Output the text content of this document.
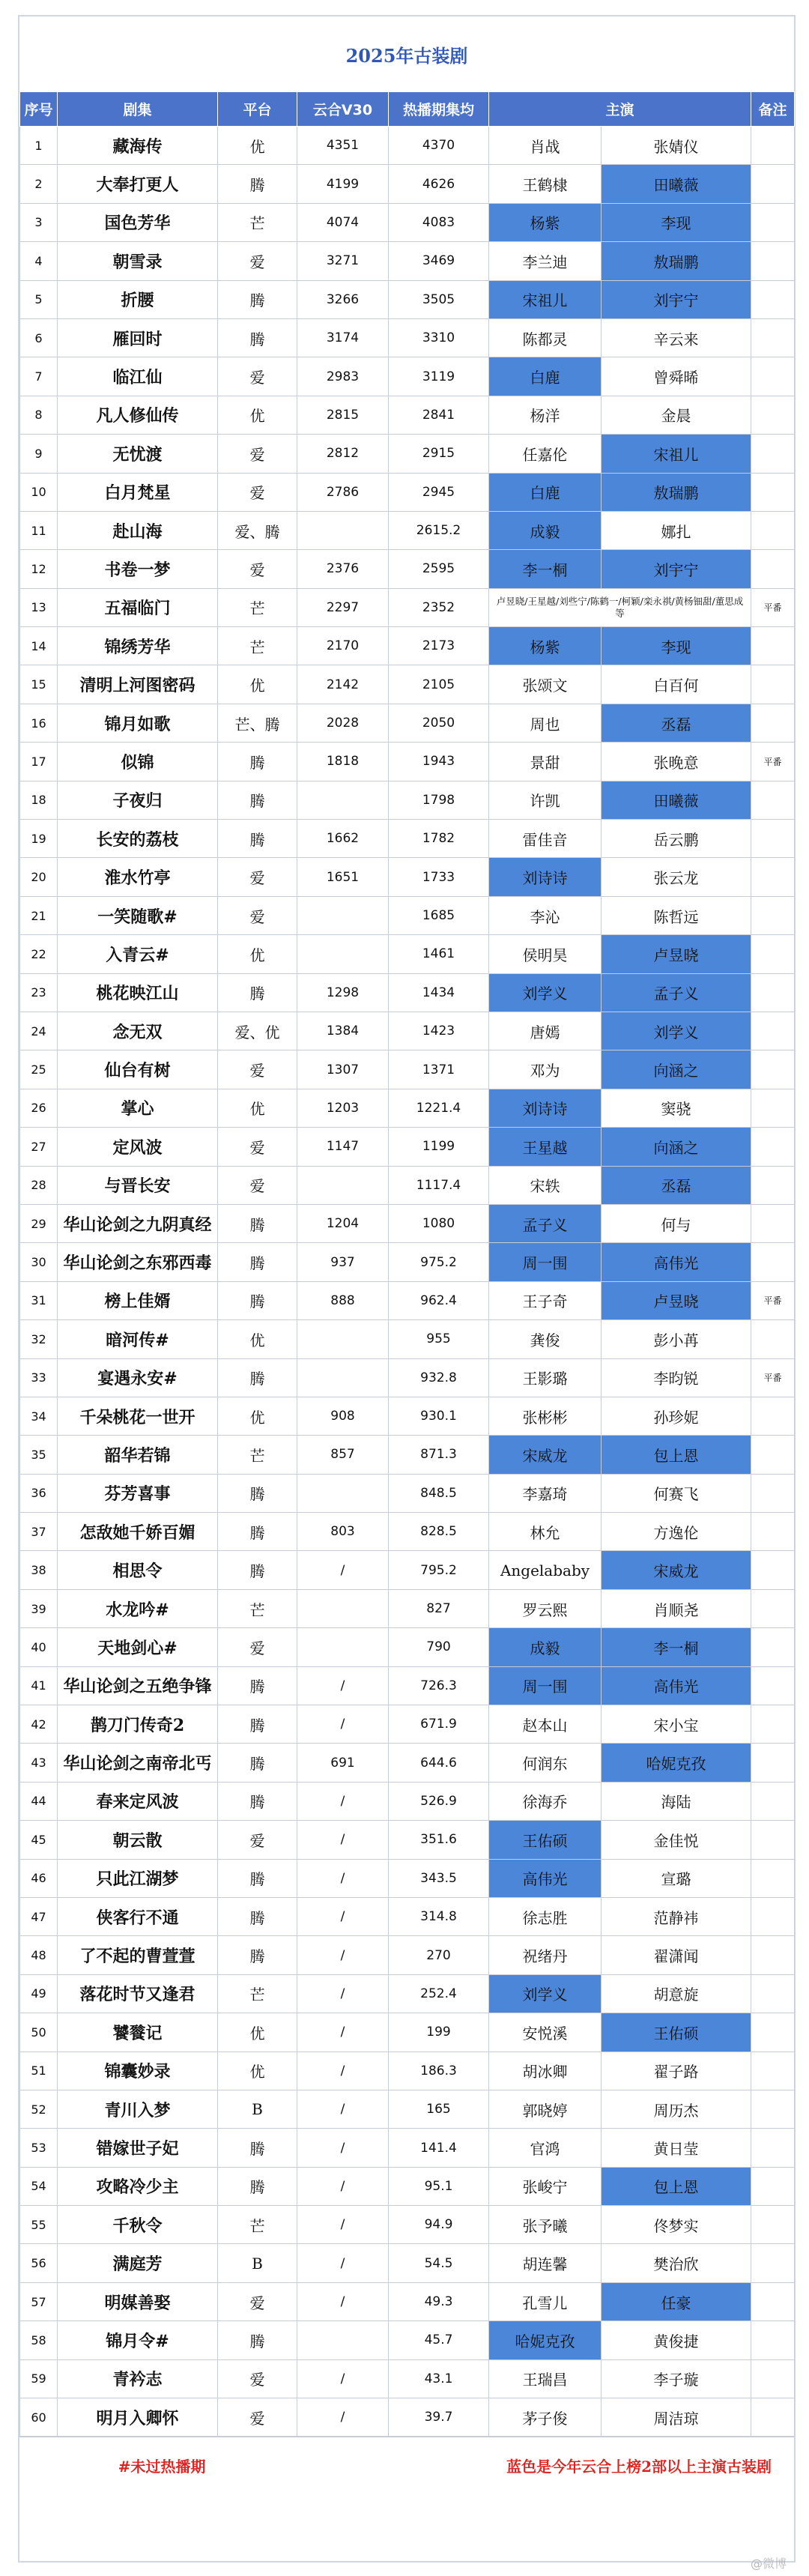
2025年古装剧
序号	剧集	平台	云合V30	热播期集均	主演		备注
1	藏海传	优	4351	4370	肖战	张婧仪	
2	大奉打更人	腾	4199	4626	王鹤棣	田曦薇	
3	国色芳华	芒	4074	4083	杨紫	李现	
4	朝雪录	爱	3271	3469	李兰迪	敖瑞鹏	
5	折腰	腾	3266	3505	宋祖儿	刘宇宁	
6	雁回时	腾	3174	3310	陈都灵	辛云来	
7	临江仙	爱	2983	3119	白鹿	曾舜晞	
8	凡人修仙传	优	2815	2841	杨洋	金晨	
9	无忧渡	爱	2812	2915	任嘉伦	宋祖儿	
10	白月梵星	爱	2786	2945	白鹿	敖瑞鹏	
11	赴山海	爱、腾		2615.2	成毅	娜扎	
12	书卷一梦	爱	2376	2595	李一桐	刘宇宁	
13	五福临门	芒	2297	2352	卢昱晓/王星越/刘些宁/陈鹤一/柯颖/栾永祺/黄杨钿甜/董思成等		平番
14	锦绣芳华	芒	2170	2173	杨紫	李现	
15	清明上河图密码	优	2142	2105	张颂文	白百何	
16	锦月如歌	芒、腾	2028	2050	周也	丞磊	
17	似锦	腾	1818	1943	景甜	张晚意	平番
18	子夜归	腾		1798	许凯	田曦薇	
19	长安的荔枝	腾	1662	1782	雷佳音	岳云鹏	
20	淮水竹亭	爱	1651	1733	刘诗诗	张云龙	
21	一笑随歌#	爱		1685	李沁	陈哲远	
22	入青云#	优		1461	侯明昊	卢昱晓	
23	桃花映江山	腾	1298	1434	刘学义	孟子义	
24	念无双	爱、优	1384	1423	唐嫣	刘学义	
25	仙台有树	爱	1307	1371	邓为	向涵之	
26	掌心	优	1203	1221.4	刘诗诗	窦骁	
27	定风波	爱	1147	1199	王星越	向涵之	
28	与晋长安	爱		1117.4	宋轶	丞磊	
29	华山论剑之九阴真经	腾	1204	1080	孟子义	何与	
30	华山论剑之东邪西毒	腾	937	975.2	周一围	高伟光	
31	榜上佳婿	腾	888	962.4	王子奇	卢昱晓	平番
32	暗河传#	优		955	龚俊	彭小苒	
33	宴遇永安#	腾		932.8	王影璐	李昀锐	平番
34	千朵桃花一世开	优	908	930.1	张彬彬	孙珍妮	
35	韶华若锦	芒	857	871.3	宋威龙	包上恩	
36	芬芳喜事	腾		848.5	李嘉琦	何赛飞	
37	怎敌她千娇百媚	腾	803	828.5	林允	方逸伦	
38	相思令	腾	/	795.2	Angelababy	宋威龙	
39	水龙吟#	芒		827	罗云熙	肖顺尧	
40	天地剑心#	爱		790	成毅	李一桐	
41	华山论剑之五绝争锋	腾	/	726.3	周一围	高伟光	
42	鹊刀门传奇2	腾	/	671.9	赵本山	宋小宝	
43	华山论剑之南帝北丐	腾	691	644.6	何润东	哈妮克孜	
44	春来定风波	腾	/	526.9	徐海乔	海陆	
45	朝云散	爱	/	351.6	王佑硕	金佳悦	
46	只此江湖梦	腾	/	343.5	高伟光	宣璐	
47	侠客行不通	腾	/	314.8	徐志胜	范静祎	
48	了不起的曹萱萱	腾	/	270	祝绪丹	翟潇闻	
49	落花时节又逢君	芒	/	252.4	刘学义	胡意旋	
50	饕餮记	优	/	199	安悦溪	王佑硕	
51	锦囊妙录	优	/	186.3	胡冰卿	翟子路	
52	青川入梦	B	/	165	郭晓婷	周历杰	
53	错嫁世子妃	腾	/	141.4	官鸿	黄日莹	
54	攻略冷少主	腾	/	95.1	张峻宁	包上恩	
55	千秋令	芒	/	94.9	张予曦	佟梦实	
56	满庭芳	B	/	54.5	胡连馨	樊治欣	
57	明媒善娶	爱	/	49.3	孔雪儿	任豪	
58	锦月令#	腾		45.7	哈妮克孜	黄俊捷	
59	青衿志	爱	/	43.1	王瑞昌	李子璇	
60	明月入卿怀	爱	/	39.7	茅子俊	周洁琼	
#未过热播期	蓝色是今年云合上榜2部以上主演古装剧
@微博
